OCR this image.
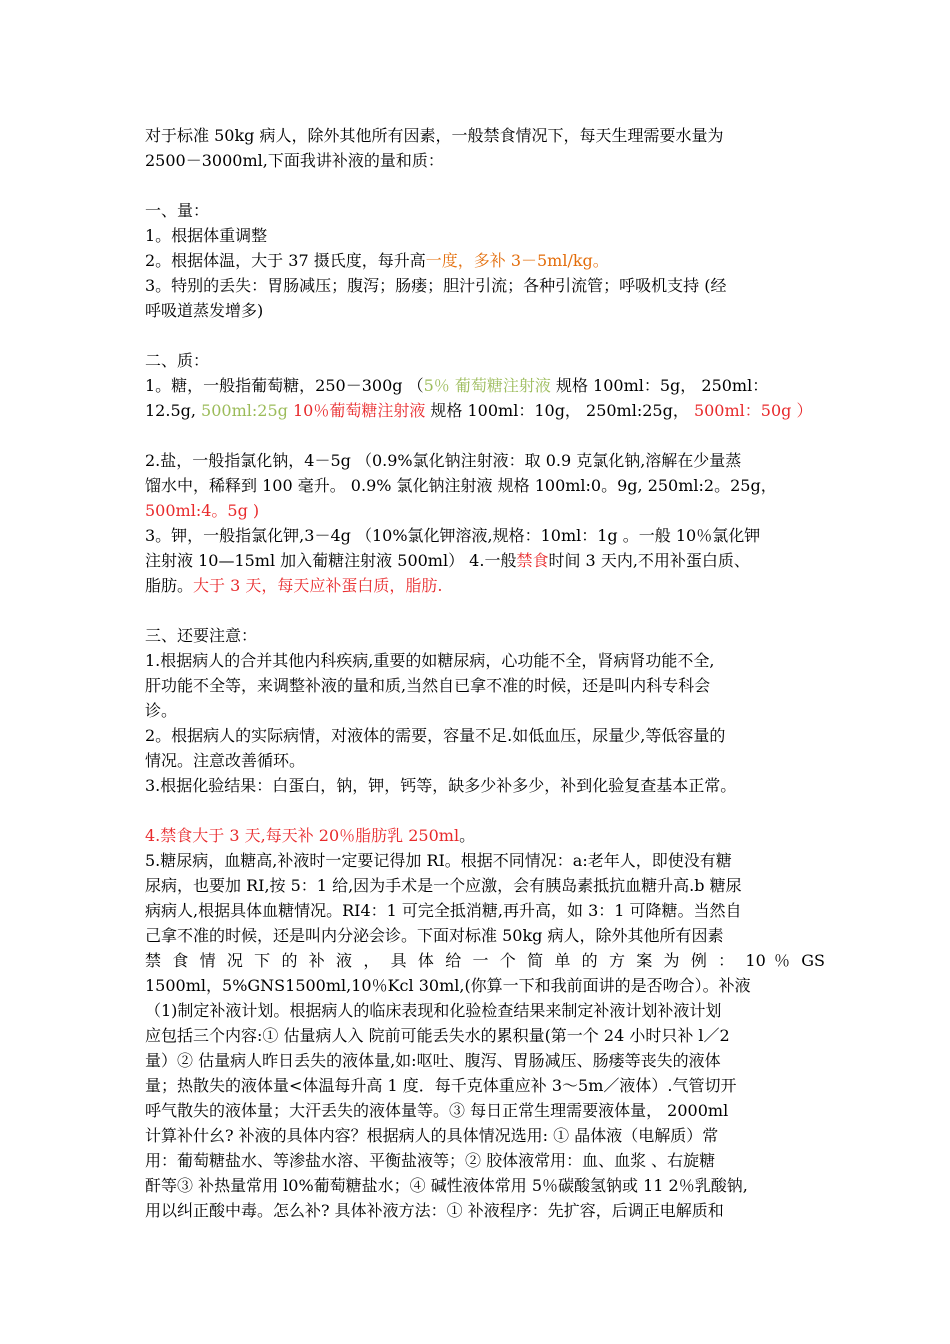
对于标准 50kg 病人，除外其他所有因素，一般禁食情况下，每天生理需要水量为

2500－3000ml,下面我讲补液的量和质：

一、量：

1。根据体重调整

2。根据体温，大于 37 摄氏度，每升高一度，多补 3－5ml/kg。

3。特别的丢失：胃肠减压；腹泻；肠瘘；胆汁引流；各种引流管；呼吸机支持 (经

呼吸道蒸发增多)

二、质：

1。糖，一般指葡萄糖，250－300g （5％ 葡萄糖注射液 规格 100ml：5g， 250ml：

12.5g, 500ml:25g 10％葡萄糖注射液 规格 100ml：10g， 250ml:25g， 500ml：50g ）

2.盐，一般指氯化钠，4－5g （0.9%氯化钠注射液：取 0.9 克氯化钠,溶解在少量蒸

馏水中，稀释到 100 毫升。 0.9% 氯化钠注射液 规格 100ml:0。9g, 250ml:2。25g，

500ml:4。5g )

3。钾，一般指氯化钾,3－4g （10%氯化钾溶液,规格：10ml：1g 。一般 10％氯化钾

注射液 10—15ml 加入葡糖注射液 500ml） 4.一般禁食时间 3 天内,不用补蛋白质、

脂肪。大于 3 天，每天应补蛋白质，脂肪.

三、还要注意：

1.根据病人的合并其他内科疾病,重要的如糖尿病，心功能不全，肾病肾功能不全,

肝功能不全等，来调整补液的量和质,当然自已拿不准的时候，还是叫内科专科会

诊。

2。根据病人的实际病情，对液体的需要，容量不足.如低血压，尿量少,等低容量的

情况。注意改善循环。

3.根据化验结果：白蛋白，钠，钾，钙等，缺多少补多少，补到化验复查基本正常。

4.禁食大于 3 天,每天补 20％脂肪乳 250ml。

5.糖尿病，血糖高,补液时一定要记得加 RI。根据不同情况：a:老年人，即使没有糖

尿病，也要加 RI,按 5：1 给,因为手术是一个应激，会有胰岛素抵抗血糖升高.b 糖尿

病病人,根据具体血糖情况。RI4：1 可完全抵消糖,再升高，如 3：1 可降糖。当然自

己拿不准的时候，还是叫内分泌会诊。下面对标准 50kg 病人，除外其他所有因素

禁 食 情 况 下 的 补 液 ， 具 体 给 一 个 简 单 的 方 案 为 例 ： 10 ％ GS

1500ml，5%GNS1500ml,10％Kcl 30ml,(你算一下和我前面讲的是否吻合）。补液

（1)制定补液计划。根据病人的临床表现和化验检查结果来制定补液计划补液计划

应包括三个内容:① 估量病人入 院前可能丢失水的累积量(第一个 24 小时只补 l／2

量）② 估量病人昨日丢失的液体量,如:呕吐、腹泻、胃肠减压、肠瘘等丧失的液体

量；热散失的液体量<体温每升高 1 度．每千克体重应补 3～5m／液体）.气管切开

呼气散失的液体量；大汗丢失的液体量等。③ 每日正常生理需要液体量， 2000ml

计算补什幺? 补液的具体内容？根据病人的具体情况选用: ① 晶体液（电解质）常

用：葡萄糖盐水、等渗盐水溶、平衡盐液等；② 胶体液常用：血、血浆 、右旋糖

酐等③ 补热量常用 l0%葡萄糖盐水；④ 碱性液体常用 5％碳酸氢钠或 11 2％乳酸钠,

用以纠正酸中毒。怎么补? 具体补液方法：① 补液程序：先扩容，后调正电解质和
